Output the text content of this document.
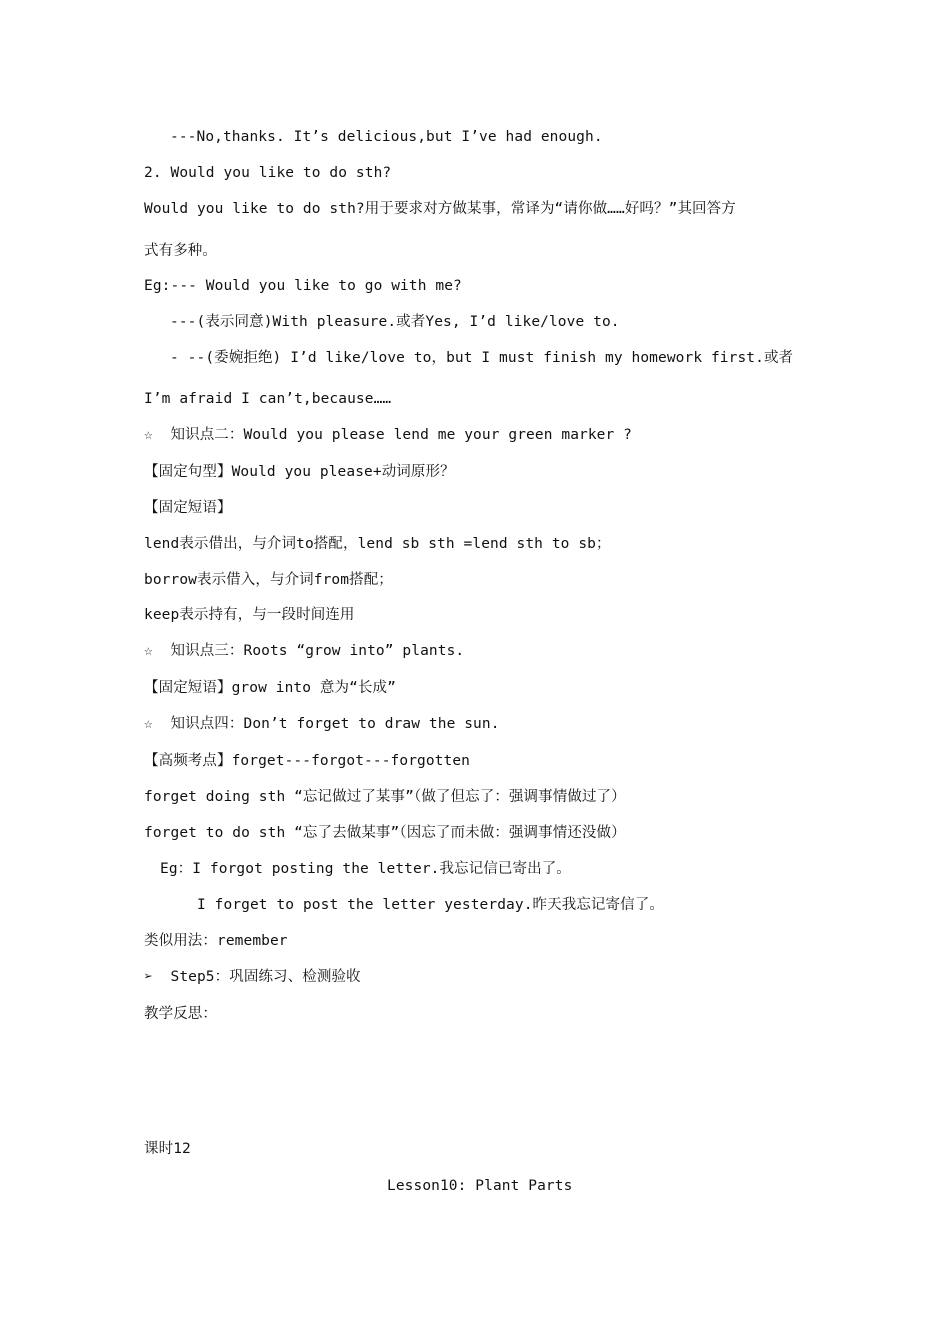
---No,thanks. It’s delicious,but I’ve had enough.
2. Would you like to do sth?
Would you like to do sth?用于要求对方做某事，常译为“请你做……好吗？”其回答方
式有多种。
Eg:--- Would you like to go with me?
---(表示同意)With pleasure.或者Yes, I’d like/love to.
- --(委婉拒绝) I’d like/love to，but I must finish my homework first.或者
I’m afraid I can’t,because……
☆  知识点二：Would you please lend me your green marker ?
【固定句型】Would you please+动词原形？
【固定短语】
lend表示借出，与介词to搭配，lend sb sth =lend sth to sb；
borrow表示借入，与介词from搭配；
keep表示持有，与一段时间连用
☆  知识点三：Roots “grow into” plants.
【固定短语】grow into 意为“长成”
☆  知识点四：Don’t forget to draw the sun.
【高频考点】forget---forgot---forgotten
forget doing sth “忘记做过了某事”（做了但忘了：强调事情做过了）
forget to do sth “忘了去做某事”（因忘了而未做：强调事情还没做）
Eg：I forgot posting the letter.我忘记信已寄出了。
I forget to post the letter yesterday.昨天我忘记寄信了。
类似用法：remember
➢  Step5：巩固练习、检测验收
教学反思：
课时12
Lesson10: Plant Parts
